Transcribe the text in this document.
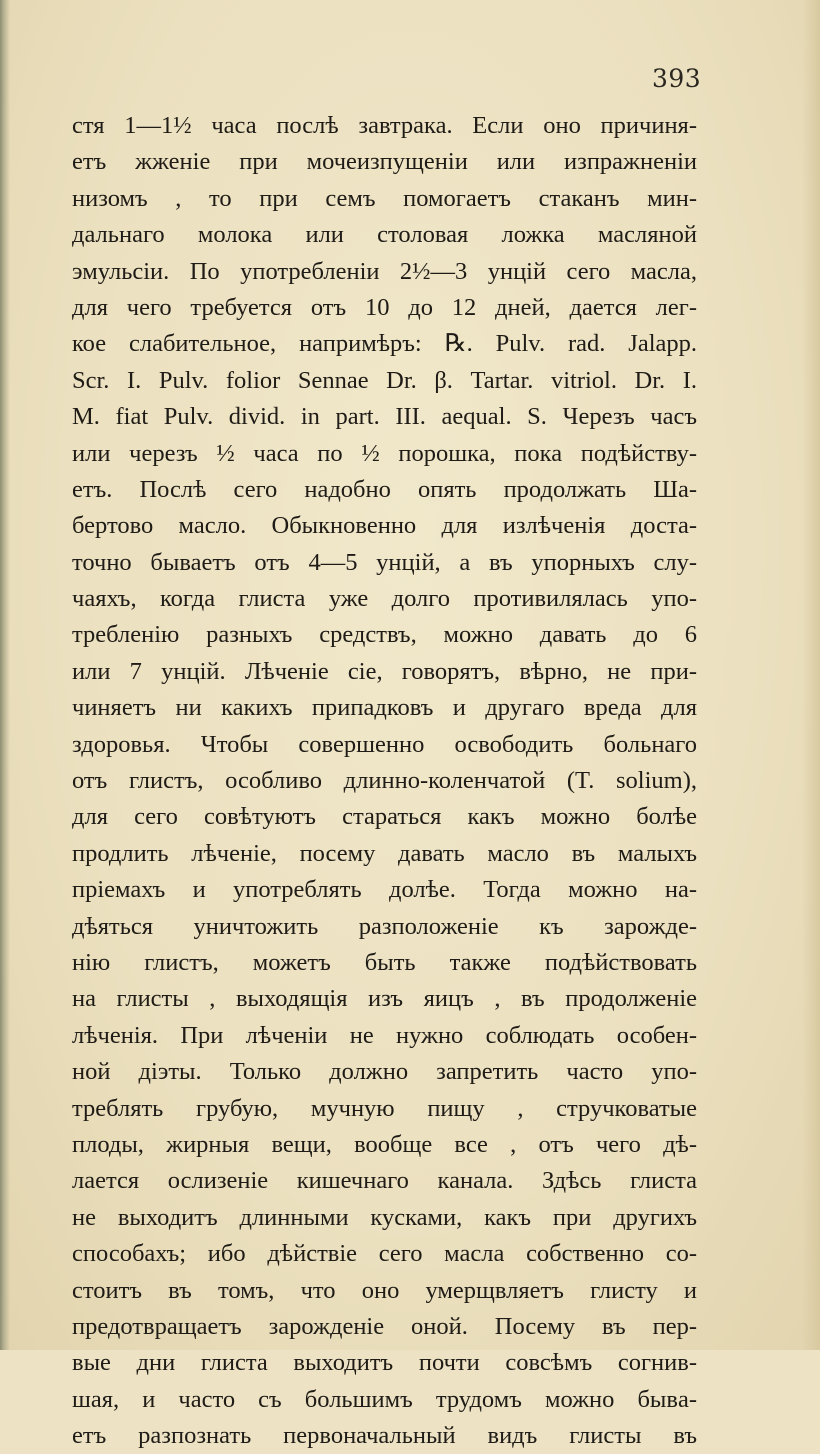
393
стя 1—1½ часа послѣ завтрака. Если оно причиня-
етъ жженіе при мочеизпущеніи или изпражненіи
низомъ , то при семъ помогаетъ стаканъ мин-
дальнаго молока или столовая ложка масляной
эмульсіи. По употребленіи 2½—3 унцій сего масла,
для чего требуется отъ 10 до 12 дней, дается лег-
кое слабительное, напримѣръ: ℞. Pulv. rad. Jalapp.
Scr. I. Pulv. folior Sennae Dr. β. Tartar. vitriol. Dr. I.
M. fiat Pulv. divid. in part. III. aequal. S. Черезъ часъ
или черезъ ½ часа по ½ порошка, пока подѣйству-
етъ. Послѣ сего надобно опять продолжать Ша-
бертово масло. Обыкновенно для излѣченія доста-
точно бываетъ отъ 4—5 унцій, а въ упорныхъ слу-
чаяхъ, когда глиста уже долго противилялась упо-
требленію разныхъ средствъ, можно давать до 6
или 7 унцій. Лѣченіе сіе, говорятъ, вѣрно, не при-
чиняетъ ни какихъ припадковъ и другаго вреда для
здоровья. Чтобы совершенно освободить больнаго
отъ глистъ, особливо длинно-коленчатой (T. solium),
для сего совѣтуютъ стараться какъ можно болѣе
продлить лѣченіе, посему давать масло въ малыхъ
пріемахъ и употреблять долѣе. Тогда можно на-
дѣяться уничтожить разположеніе къ зарожде-
нію глистъ, можетъ быть также подѣйствовать
на глисты , выходящія изъ яицъ , въ продолженіе
лѣченія. При лѣченіи не нужно соблюдать особен-
ной діэты. Только должно запретить часто упо-
треблять грубую, мучную пищу , стручковатые
плоды, жирныя вещи, вообще все , отъ чего дѣ-
лается ослизеніе кишечнаго канала. Здѣсь глиста
не выходитъ длинными кусками, какъ при другихъ
способахъ; ибо дѣйствіе сего масла собственно со-
стоитъ въ томъ, что оно умерщвляетъ глисту и
предотвращаетъ зарожденіе оной. Посему въ пер-
вые дни глиста выходитъ почти совсѣмъ согнив-
шая, и часто съ большимъ трудомъ можно бывa-
етъ разпознать первоначальный видъ глисты въ
